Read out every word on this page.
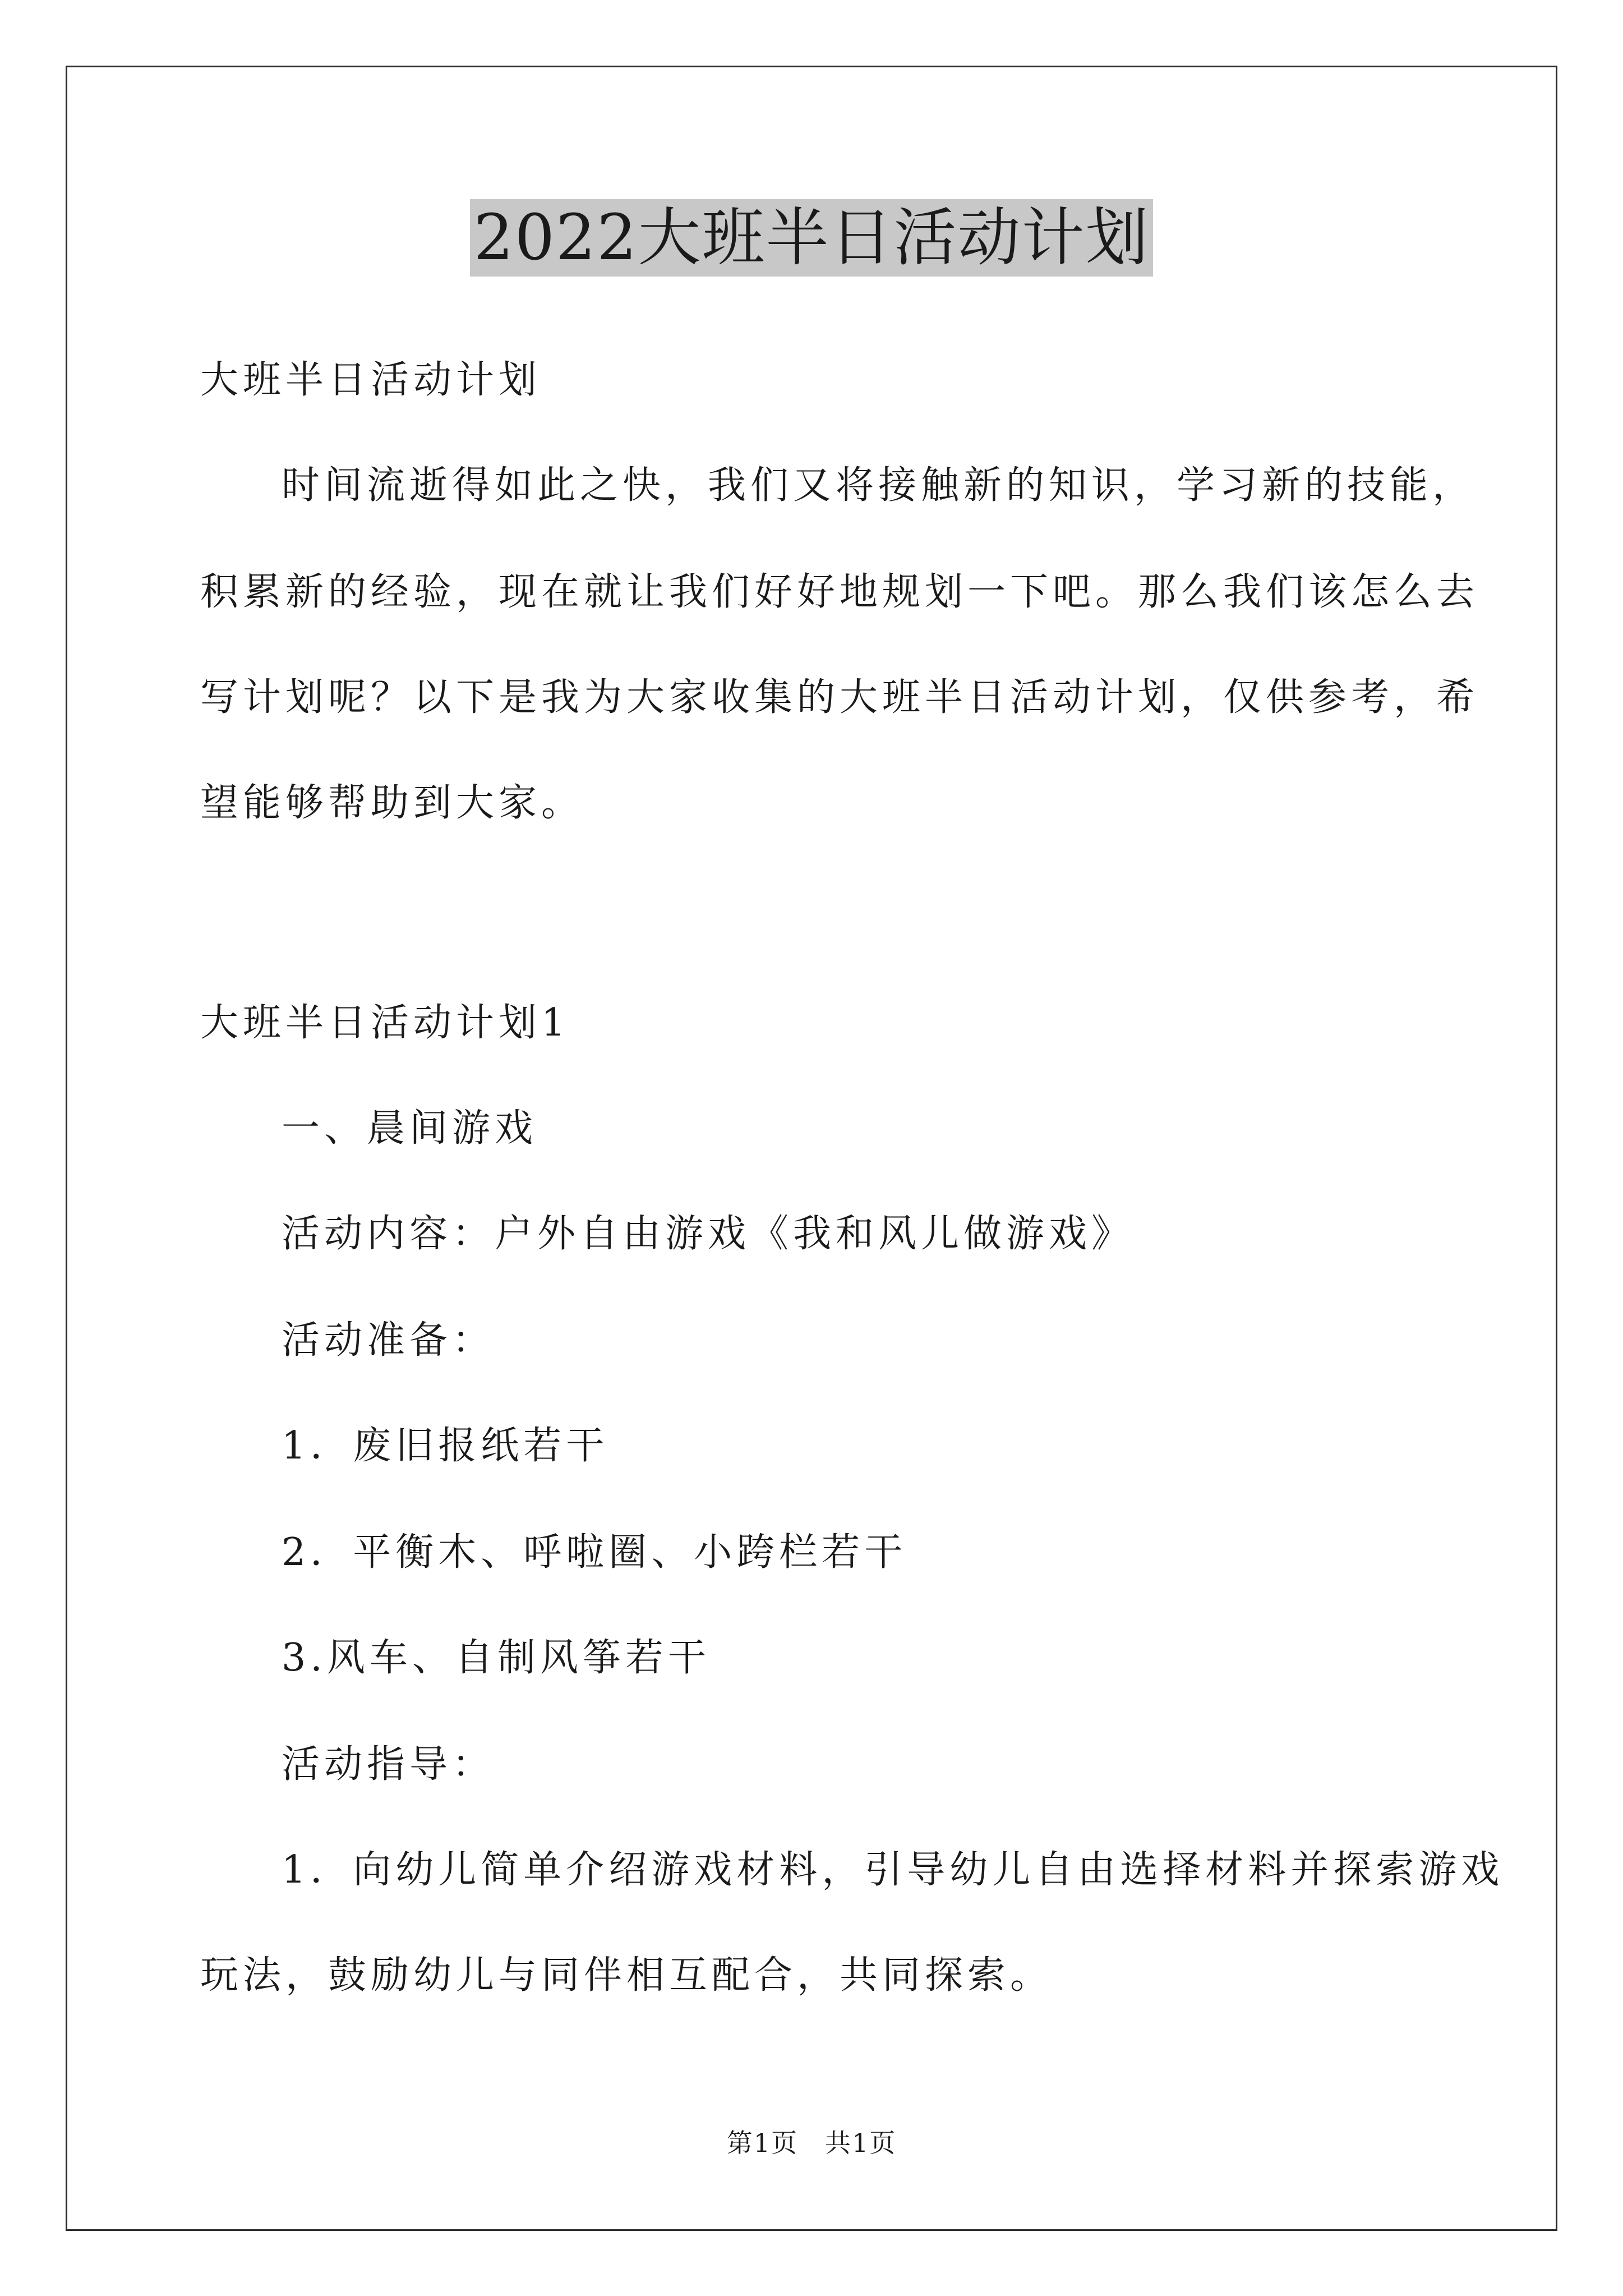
2022大班半日活动计划
大班半日活动计划
时间流逝得如此之快，我们又将接触新的知识，学习新的技能，
积累新的经验，现在就让我们好好地规划一下吧。那么我们该怎么去
写计划呢？以下是我为大家收集的大班半日活动计划，仅供参考，希
望能够帮助到大家。
大班半日活动计划1
一、晨间游戏
活动内容：户外自由游戏《我和风儿做游戏》
活动准备：
1．废旧报纸若干
2．平衡木、呼啦圈、小跨栏若干
3.风车、自制风筝若干
活动指导：
1．向幼儿简单介绍游戏材料，引导幼儿自由选择材料并探索游戏
玩法，鼓励幼儿与同伴相互配合，共同探索。
第1页　共1页
